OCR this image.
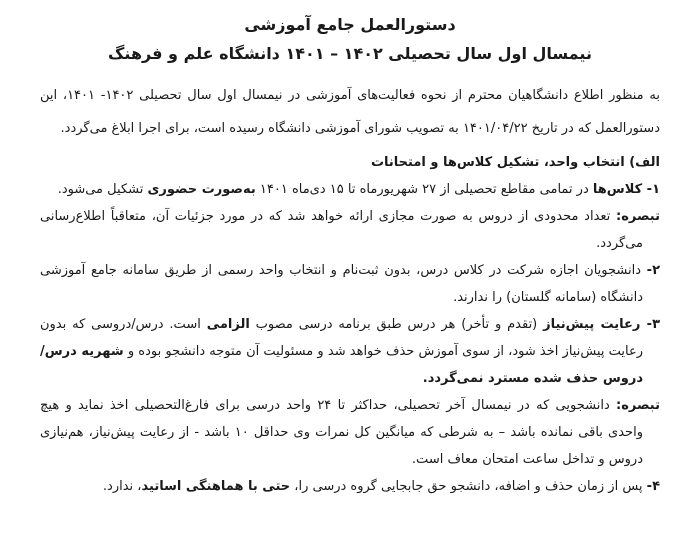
دستورالعمل جامع آموزشی

نیمسال اول سال تحصیلی ۱۴۰۲ – ۱۴۰۱ دانشگاه علم و فرهنگ

به منظور اطلاع دانشگاهیان محترم از نحوه فعالیت‌های آموزشی در نیمسال اول سال تحصیلی ۱۴۰۲- ۱۴۰۱، این دستورالعمل که در تاریخ ۱۴۰۱/۰۴/۲۲ به تصویب شورای آموزشی دانشگاه رسیده است، برای اجرا ابلاغ می‌گردد.

الف) انتخاب واحد، تشکیل کلاس‌ها و امتحانات

۱- کلاس‌ها در تمامی مقاطع تحصیلی از ۲۷ شهریورماه تا ۱۵ دی‌ماه ۱۴۰۱ به‌صورت حضوری تشکیل می‌شود.

تبصره: تعداد محدودی از دروس به صورت مجازی ارائه خواهد شد که در مورد جزئیات آن، متعاقباً اطلاع‌رسانی می‌گردد.

۲- دانشجویان اجازه شرکت در کلاس درس، بدون ثبت‌نام و انتخاب واحد رسمی از طریق سامانه جامع آموزشی دانشگاه (سامانه گلستان) را ندارند.

۳- رعایت پیش‌نیاز (تقدم و تأخر) هر درس طبق برنامه درسی مصوب الزامی است. درس/دروسی که بدون رعایت پیش‌نیاز اخذ شود، از سوی آموزش حذف خواهد شد و مسئولیت آن متوجه دانشجو بوده و شهریه درس/دروس حذف شده مسترد نمی‌گردد.

تبصره: دانشجویی که در نیمسال آخر تحصیلی، حداکثر تا ۲۴ واحد درسی برای فارغ‌التحصیلی اخذ نماید و هیچ واحدی باقی نمانده باشد – به شرطی که میانگین کل نمرات وی حداقل ۱۰ باشد - از رعایت پیش‌نیاز، هم‌نیازی دروس و تداخل ساعت امتحان معاف است.

۴- پس از زمان حذف و اضافه، دانشجو حق جابجایی گروه درسی را، حتی با هماهنگی اساتید، ندارد.
